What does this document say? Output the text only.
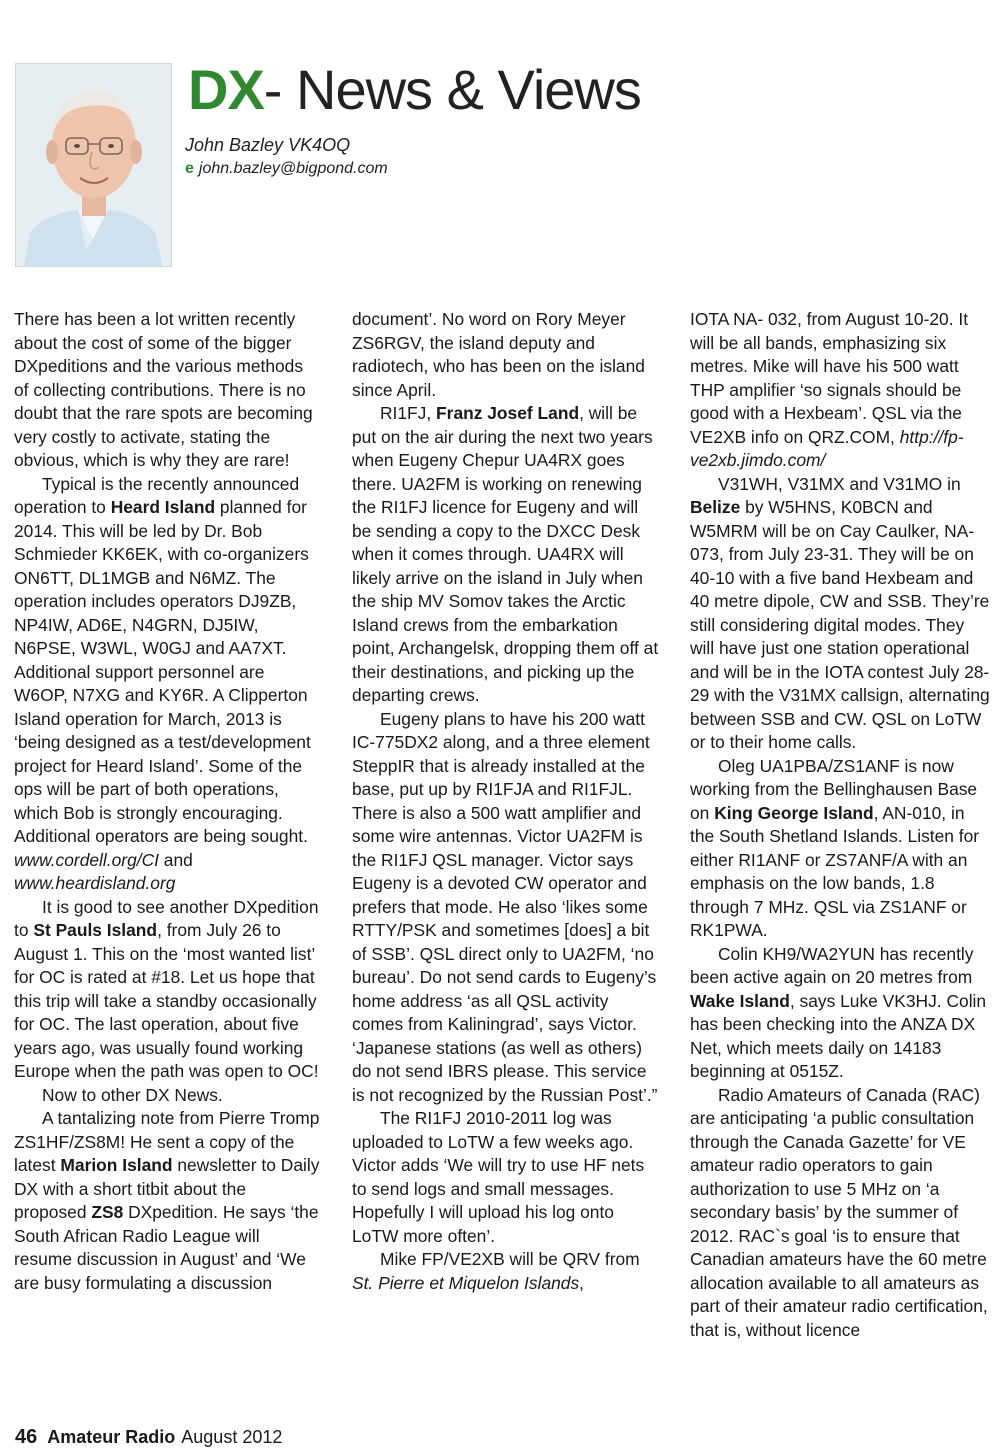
DX- News & Views
John Bazley VK4OQ
e john.bazley@bigpond.com

There has been a lot written recently about the cost of some of the bigger DXpeditions and the various methods of collecting contributions. There is no doubt that the rare spots are becoming very costly to activate, stating the obvious, which is why they are rare!

Typical is the recently announced operation to Heard Island planned for 2014. This will be led by Dr. Bob Schmieder KK6EK, with co-organizers ON6TT, DL1MGB and N6MZ. The operation includes operators DJ9ZB, NP4IW, AD6E, N4GRN, DJ5IW, N6PSE, W3WL, W0GJ and AA7XT. Additional support personnel are W6OP, N7XG and KY6R. A Clipperton Island operation for March, 2013 is ‘being designed as a test/development project for Heard Island’. Some of the ops will be part of both operations, which Bob is strongly encouraging. Additional operators are being sought. www.cordell.org/CI and www.heardisland.org

It is good to see another DXpedition to St Pauls Island, from July 26 to August 1. This on the ‘most wanted list’ for OC is rated at #18. Let us hope that this trip will take a standby occasionally for OC. The last operation, about five years ago, was usually found working Europe when the path was open to OC!

Now to other DX News.

A tantalizing note from Pierre Tromp ZS1HF/ZS8M! He sent a copy of the latest Marion Island newsletter to Daily DX with a short titbit about the proposed ZS8 DXpedition. He says ‘the South African Radio League will resume discussion in August’ and ‘We are busy formulating a discussion

document’. No word on Rory Meyer ZS6RGV, the island deputy and radiotech, who has been on the island since April.

RI1FJ, Franz Josef Land, will be put on the air during the next two years when Eugeny Chepur UA4RX goes there. UA2FM is working on renewing the RI1FJ licence for Eugeny and will be sending a copy to the DXCC Desk when it comes through. UA4RX will likely arrive on the island in July when the ship MV Somov takes the Arctic Island crews from the embarkation point, Archangelsk, dropping them off at their destinations, and picking up the departing crews.

Eugeny plans to have his 200 watt IC-775DX2 along, and a three element SteppIR that is already installed at the base, put up by RI1FJA and RI1FJL. There is also a 500 watt amplifier and some wire antennas. Victor UA2FM is the RI1FJ QSL manager. Victor says Eugeny is a devoted CW operator and prefers that mode. He also ‘likes some RTTY/PSK and sometimes [does] a bit of SSB’. QSL direct only to UA2FM, ‘no bureau’. Do not send cards to Eugeny’s home address ‘as all QSL activity comes from Kaliningrad’, says Victor. ‘Japanese stations (as well as others) do not send IBRS please. This service is not recognized by the Russian Post’.”

The RI1FJ 2010-2011 log was uploaded to LoTW a few weeks ago. Victor adds ‘We will try to use HF nets to send logs and small messages. Hopefully I will upload his log onto LoTW more often’.

Mike FP/VE2XB will be QRV from St. Pierre et Miquelon Islands,

IOTA NA- 032, from August 10-20. It will be all bands, emphasizing six metres. Mike will have his 500 watt THP amplifier ‘so signals should be good with a Hexbeam’. QSL via the VE2XB info on QRZ.COM, http://fp-ve2xb.jimdo.com/

V31WH, V31MX and V31MO in Belize by W5HNS, K0BCN and W5MRM will be on Cay Caulker, NA-073, from July 23-31. They will be on 40-10 with a five band Hexbeam and 40 metre dipole, CW and SSB. They’re still considering digital modes. They will have just one station operational and will be in the IOTA contest July 28-29 with the V31MX callsign, alternating between SSB and CW. QSL on LoTW or to their home calls.

Oleg UA1PBA/ZS1ANF is now working from the Bellinghausen Base on King George Island, AN-010, in the South Shetland Islands. Listen for either RI1ANF or ZS7ANF/A with an emphasis on the low bands, 1.8 through 7 MHz. QSL via ZS1ANF or RK1PWA.

Colin KH9/WA2YUN has recently been active again on 20 metres from Wake Island, says Luke VK3HJ. Colin has been checking into the ANZA DX Net, which meets daily on 14183 beginning at 0515Z.

Radio Amateurs of Canada (RAC) are anticipating ‘a public consultation through the Canada Gazette’ for VE amateur radio operators to gain authorization to use 5 MHz on ‘a secondary basis’ by the summer of 2012. RAC`s goal ‘is to ensure that Canadian amateurs have the 60 metre allocation available to all amateurs as part of their amateur radio certification, that is, without licence

46 Amateur Radio August 2012
